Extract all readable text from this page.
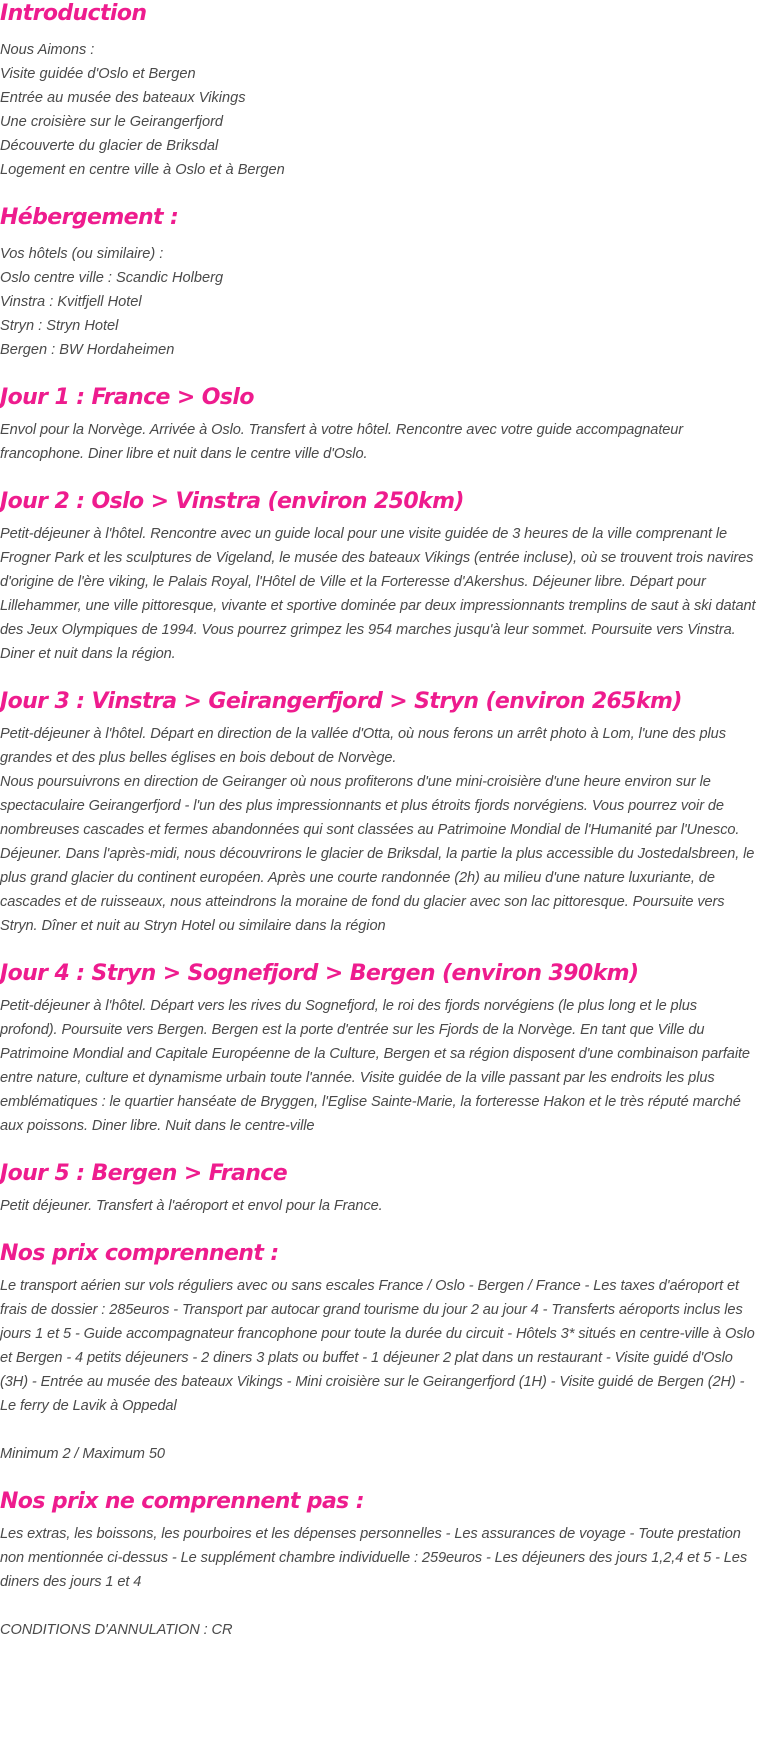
Introduction
Nous Aimons :
Visite guidée d'Oslo et Bergen
Entrée au musée des bateaux Vikings
Une croisière sur le Geirangerfjord
Découverte du glacier de Briksdal
Logement en centre ville à Oslo et à Bergen
Hébergement :
Vos hôtels (ou similaire) :
Oslo centre ville : Scandic Holberg
Vinstra : Kvitfjell Hotel
Stryn : Stryn Hotel
Bergen : BW Hordaheimen
Jour 1 : France > Oslo

Envol pour la Norvège. Arrivée à Oslo. Transfert à votre hôtel. Rencontre avec votre guide accompagnateur francophone. Diner libre et nuit dans le centre ville d'Oslo.

Jour 2 : Oslo > Vinstra (environ 250km)

Petit-déjeuner à l'hôtel. Rencontre avec un guide local pour une visite guidée de 3 heures de la ville comprenant le Frogner Park et les sculptures de Vigeland, le musée des bateaux Vikings (entrée incluse), où se trouvent trois navires d'origine de l'ère viking, le Palais Royal, l'Hôtel de Ville et la Forteresse d'Akershus. Déjeuner libre. Départ pour Lillehammer, une ville pittoresque, vivante et sportive dominée par deux impressionnants tremplins de saut à ski datant des Jeux Olympiques de 1994. Vous pourrez grimpez les 954 marches jusqu'à leur sommet. Poursuite vers Vinstra. Diner et nuit dans la région.

Jour 3 : Vinstra > Geirangerfjord > Stryn (environ 265km)

Petit-déjeuner à l'hôtel. Départ en direction de la vallée d'Otta, où nous ferons un arrêt photo à Lom, l'une des plus grandes et des plus belles églises en bois debout de Norvège.

Nous poursuivrons en direction de Geiranger où nous profiterons d'une mini-croisière d'une heure environ sur le spectaculaire Geirangerfjord - l'un des plus impressionnants et plus étroits fjords norvégiens. Vous pourrez voir de nombreuses cascades et fermes abandonnées qui sont classées au Patrimoine Mondial de l'Humanité par l'Unesco. Déjeuner. Dans l'après-midi, nous découvrirons le glacier de Briksdal, la partie la plus accessible du Jostedalsbreen, le plus grand glacier du continent européen. Après une courte randonnée (2h) au milieu d'une nature luxuriante, de cascades et de ruisseaux, nous atteindrons la moraine de fond du glacier avec son lac pittoresque. Poursuite vers Stryn. Dîner et nuit au Stryn Hotel ou similaire dans la région

Jour 4 : Stryn > Sognefjord > Bergen (environ 390km)

Petit-déjeuner à l'hôtel. Départ vers les rives du Sognefjord, le roi des fjords norvégiens (le plus long et le plus profond). Poursuite vers Bergen. Bergen est la porte d'entrée sur les Fjords de la Norvège. En tant que Ville du Patrimoine Mondial and Capitale Européenne de la Culture, Bergen et sa région disposent d'une combinaison parfaite entre nature, culture et dynamisme urbain toute l'année. Visite guidée de la ville passant par les endroits les plus emblématiques : le quartier hanséate de Bryggen, l'Eglise Sainte-Marie, la forteresse Hakon et le très réputé marché aux poissons. Diner libre. Nuit dans le centre-ville

Jour 5 : Bergen > France

Petit déjeuner. Transfert à l'aéroport et envol pour la France.

Nos prix comprennent :

Le transport aérien sur vols réguliers avec ou sans escales France / Oslo - Bergen / France - Les taxes d'aéroport et frais de dossier : 285euros - Transport par autocar grand tourisme du jour 2 au jour 4 - Transferts aéroports inclus les jours 1 et 5 - Guide accompagnateur francophone pour toute la durée du circuit - Hôtels 3* situés en centre-ville à Oslo et Bergen - 4 petits déjeuners - 2 diners 3 plats ou buffet - 1 déjeuner 2 plat dans un restaurant - Visite guidé d'Oslo (3H) - Entrée au musée des bateaux Vikings - Mini croisière sur le Geirangerfjord (1H) - Visite guidé de Bergen (2H) - Le ferry de Lavik à Oppedal

Minimum 2 / Maximum 50

Nos prix ne comprennent pas :

Les extras, les boissons, les pourboires et les dépenses personnelles - Les assurances de voyage - Toute prestation non mentionnée ci-dessus - Le supplément chambre individuelle : 259euros - Les déjeuners des jours 1,2,4 et 5 - Les diners des jours 1 et 4

CONDITIONS D'ANNULATION : CR
